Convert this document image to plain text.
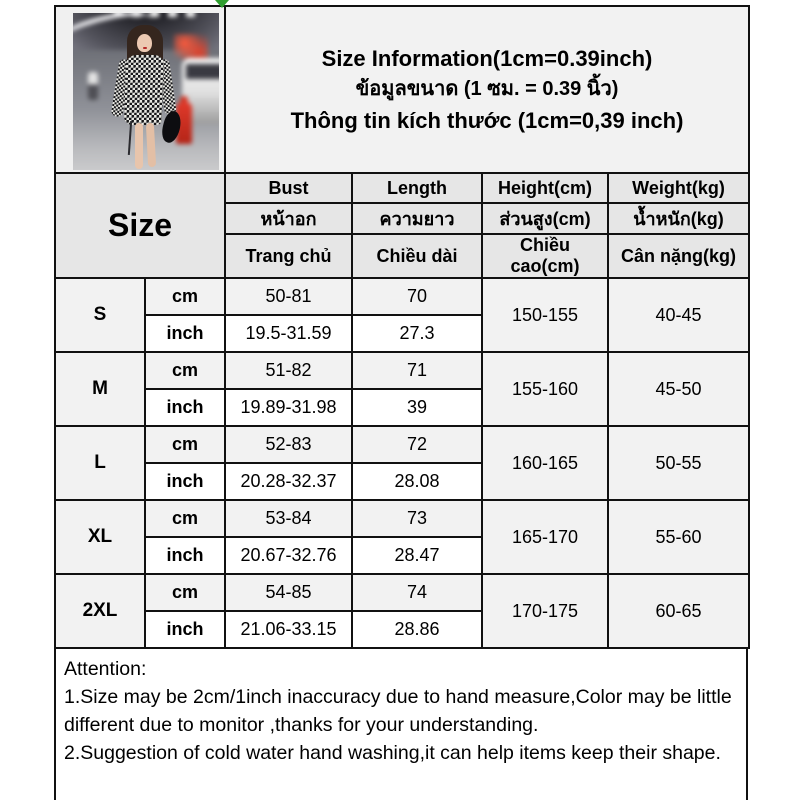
		Size Information(1cm=0.39inch)
ข้อมูลขนาด (1 ซม. = 0.39 นิ้ว)
Thông tin kích thước (1cm=0,39 inch)			

Size		Bust	Length	Height(cm)	Weight(kg)
		หน้าอก	ความยาว	ส่วนสูง(cm)	น้ำหนัก(kg)
		Trang chủ	Chiều dài	Chiều cao(cm)	Cân nặng(kg)
S	cm	50-81	70	150-155	40-45
	inch	19.5-31.59	27.3		
M	cm	51-82	71	155-160	45-50
	inch	19.89-31.98	39		
L	cm	52-83	72	160-165	50-55
	inch	20.28-32.37	28.08		
XL	cm	53-84	73	165-170	55-60
	inch	20.67-32.76	28.47		
2XL	cm	54-85	74	170-175	60-65
	inch	21.06-33.15	28.86		

Attention:

1.Size may be 2cm/1inch inaccuracy due to hand measure,Color may be little different due to monitor ,thanks for your understanding.

2.Suggestion of cold water hand washing,it can help items keep their shape.
